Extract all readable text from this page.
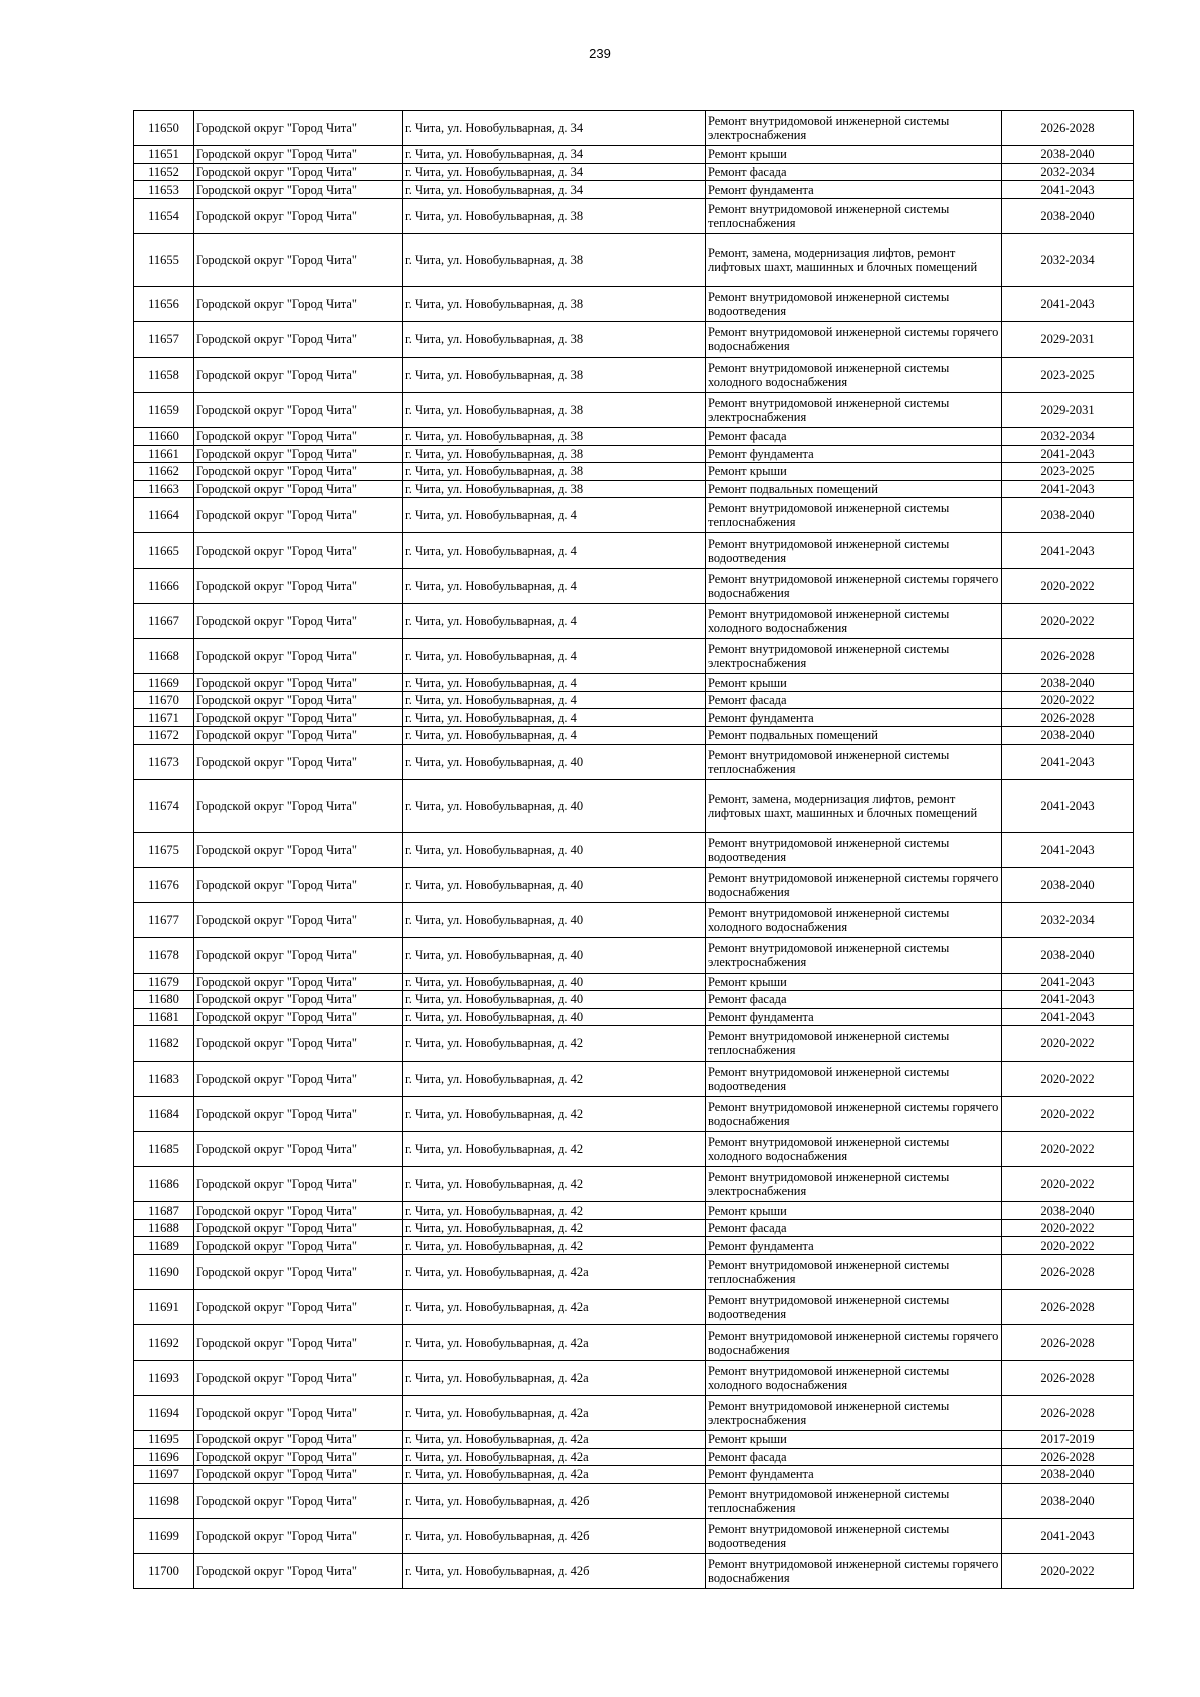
239
11650	Городской округ "Город Чита"	г. Чита, ул. Новобульварная, д. 34	Ремонт внутридомовой инженерной системы электроснабжения	2026-2028
11651	Городской округ "Город Чита"	г. Чита, ул. Новобульварная, д. 34	Ремонт крыши	2038-2040
11652	Городской округ "Город Чита"	г. Чита, ул. Новобульварная, д. 34	Ремонт фасада	2032-2034
11653	Городской округ "Город Чита"	г. Чита, ул. Новобульварная, д. 34	Ремонт фундамента	2041-2043
11654	Городской округ "Город Чита"	г. Чита, ул. Новобульварная, д. 38	Ремонт внутридомовой инженерной системы теплоснабжения	2038-2040
11655	Городской округ "Город Чита"	г. Чита, ул. Новобульварная, д. 38	Ремонт, замена, модернизация лифтов, ремонт лифтовых шахт, машинных и блочных помещений	2032-2034
11656	Городской округ "Город Чита"	г. Чита, ул. Новобульварная, д. 38	Ремонт внутридомовой инженерной системы водоотведения	2041-2043
11657	Городской округ "Город Чита"	г. Чита, ул. Новобульварная, д. 38	Ремонт внутридомовой инженерной системы горячего водоснабжения	2029-2031
11658	Городской округ "Город Чита"	г. Чита, ул. Новобульварная, д. 38	Ремонт внутридомовой инженерной системы холодного водоснабжения	2023-2025
11659	Городской округ "Город Чита"	г. Чита, ул. Новобульварная, д. 38	Ремонт внутридомовой инженерной системы электроснабжения	2029-2031
11660	Городской округ "Город Чита"	г. Чита, ул. Новобульварная, д. 38	Ремонт фасада	2032-2034
11661	Городской округ "Город Чита"	г. Чита, ул. Новобульварная, д. 38	Ремонт фундамента	2041-2043
11662	Городской округ "Город Чита"	г. Чита, ул. Новобульварная, д. 38	Ремонт крыши	2023-2025
11663	Городской округ "Город Чита"	г. Чита, ул. Новобульварная, д. 38	Ремонт подвальных помещений	2041-2043
11664	Городской округ "Город Чита"	г. Чита, ул. Новобульварная, д. 4	Ремонт внутридомовой инженерной системы теплоснабжения	2038-2040
11665	Городской округ "Город Чита"	г. Чита, ул. Новобульварная, д. 4	Ремонт внутридомовой инженерной системы водоотведения	2041-2043
11666	Городской округ "Город Чита"	г. Чита, ул. Новобульварная, д. 4	Ремонт внутридомовой инженерной системы горячего водоснабжения	2020-2022
11667	Городской округ "Город Чита"	г. Чита, ул. Новобульварная, д. 4	Ремонт внутридомовой инженерной системы холодного водоснабжения	2020-2022
11668	Городской округ "Город Чита"	г. Чита, ул. Новобульварная, д. 4	Ремонт внутридомовой инженерной системы электроснабжения	2026-2028
11669	Городской округ "Город Чита"	г. Чита, ул. Новобульварная, д. 4	Ремонт крыши	2038-2040
11670	Городской округ "Город Чита"	г. Чита, ул. Новобульварная, д. 4	Ремонт фасада	2020-2022
11671	Городской округ "Город Чита"	г. Чита, ул. Новобульварная, д. 4	Ремонт фундамента	2026-2028
11672	Городской округ "Город Чита"	г. Чита, ул. Новобульварная, д. 4	Ремонт подвальных помещений	2038-2040
11673	Городской округ "Город Чита"	г. Чита, ул. Новобульварная, д. 40	Ремонт внутридомовой инженерной системы теплоснабжения	2041-2043
11674	Городской округ "Город Чита"	г. Чита, ул. Новобульварная, д. 40	Ремонт, замена, модернизация лифтов, ремонт лифтовых шахт, машинных и блочных помещений	2041-2043
11675	Городской округ "Город Чита"	г. Чита, ул. Новобульварная, д. 40	Ремонт внутридомовой инженерной системы водоотведения	2041-2043
11676	Городской округ "Город Чита"	г. Чита, ул. Новобульварная, д. 40	Ремонт внутридомовой инженерной системы горячего водоснабжения	2038-2040
11677	Городской округ "Город Чита"	г. Чита, ул. Новобульварная, д. 40	Ремонт внутридомовой инженерной системы холодного водоснабжения	2032-2034
11678	Городской округ "Город Чита"	г. Чита, ул. Новобульварная, д. 40	Ремонт внутридомовой инженерной системы электроснабжения	2038-2040
11679	Городской округ "Город Чита"	г. Чита, ул. Новобульварная, д. 40	Ремонт крыши	2041-2043
11680	Городской округ "Город Чита"	г. Чита, ул. Новобульварная, д. 40	Ремонт фасада	2041-2043
11681	Городской округ "Город Чита"	г. Чита, ул. Новобульварная, д. 40	Ремонт фундамента	2041-2043
11682	Городской округ "Город Чита"	г. Чита, ул. Новобульварная, д. 42	Ремонт внутридомовой инженерной системы теплоснабжения	2020-2022
11683	Городской округ "Город Чита"	г. Чита, ул. Новобульварная, д. 42	Ремонт внутридомовой инженерной системы водоотведения	2020-2022
11684	Городской округ "Город Чита"	г. Чита, ул. Новобульварная, д. 42	Ремонт внутридомовой инженерной системы горячего водоснабжения	2020-2022
11685	Городской округ "Город Чита"	г. Чита, ул. Новобульварная, д. 42	Ремонт внутридомовой инженерной системы холодного водоснабжения	2020-2022
11686	Городской округ "Город Чита"	г. Чита, ул. Новобульварная, д. 42	Ремонт внутридомовой инженерной системы электроснабжения	2020-2022
11687	Городской округ "Город Чита"	г. Чита, ул. Новобульварная, д. 42	Ремонт крыши	2038-2040
11688	Городской округ "Город Чита"	г. Чита, ул. Новобульварная, д. 42	Ремонт фасада	2020-2022
11689	Городской округ "Город Чита"	г. Чита, ул. Новобульварная, д. 42	Ремонт фундамента	2020-2022
11690	Городской округ "Город Чита"	г. Чита, ул. Новобульварная, д. 42а	Ремонт внутридомовой инженерной системы теплоснабжения	2026-2028
11691	Городской округ "Город Чита"	г. Чита, ул. Новобульварная, д. 42а	Ремонт внутридомовой инженерной системы водоотведения	2026-2028
11692	Городской округ "Город Чита"	г. Чита, ул. Новобульварная, д. 42а	Ремонт внутридомовой инженерной системы горячего водоснабжения	2026-2028
11693	Городской округ "Город Чита"	г. Чита, ул. Новобульварная, д. 42а	Ремонт внутридомовой инженерной системы холодного водоснабжения	2026-2028
11694	Городской округ "Город Чита"	г. Чита, ул. Новобульварная, д. 42а	Ремонт внутридомовой инженерной системы электроснабжения	2026-2028
11695	Городской округ "Город Чита"	г. Чита, ул. Новобульварная, д. 42а	Ремонт крыши	2017-2019
11696	Городской округ "Город Чита"	г. Чита, ул. Новобульварная, д. 42а	Ремонт фасада	2026-2028
11697	Городской округ "Город Чита"	г. Чита, ул. Новобульварная, д. 42а	Ремонт фундамента	2038-2040
11698	Городской округ "Город Чита"	г. Чита, ул. Новобульварная, д. 42б	Ремонт внутридомовой инженерной системы теплоснабжения	2038-2040
11699	Городской округ "Город Чита"	г. Чита, ул. Новобульварная, д. 42б	Ремонт внутридомовой инженерной системы водоотведения	2041-2043
11700	Городской округ "Город Чита"	г. Чита, ул. Новобульварная, д. 42б	Ремонт внутридомовой инженерной системы горячего водоснабжения	2020-2022
